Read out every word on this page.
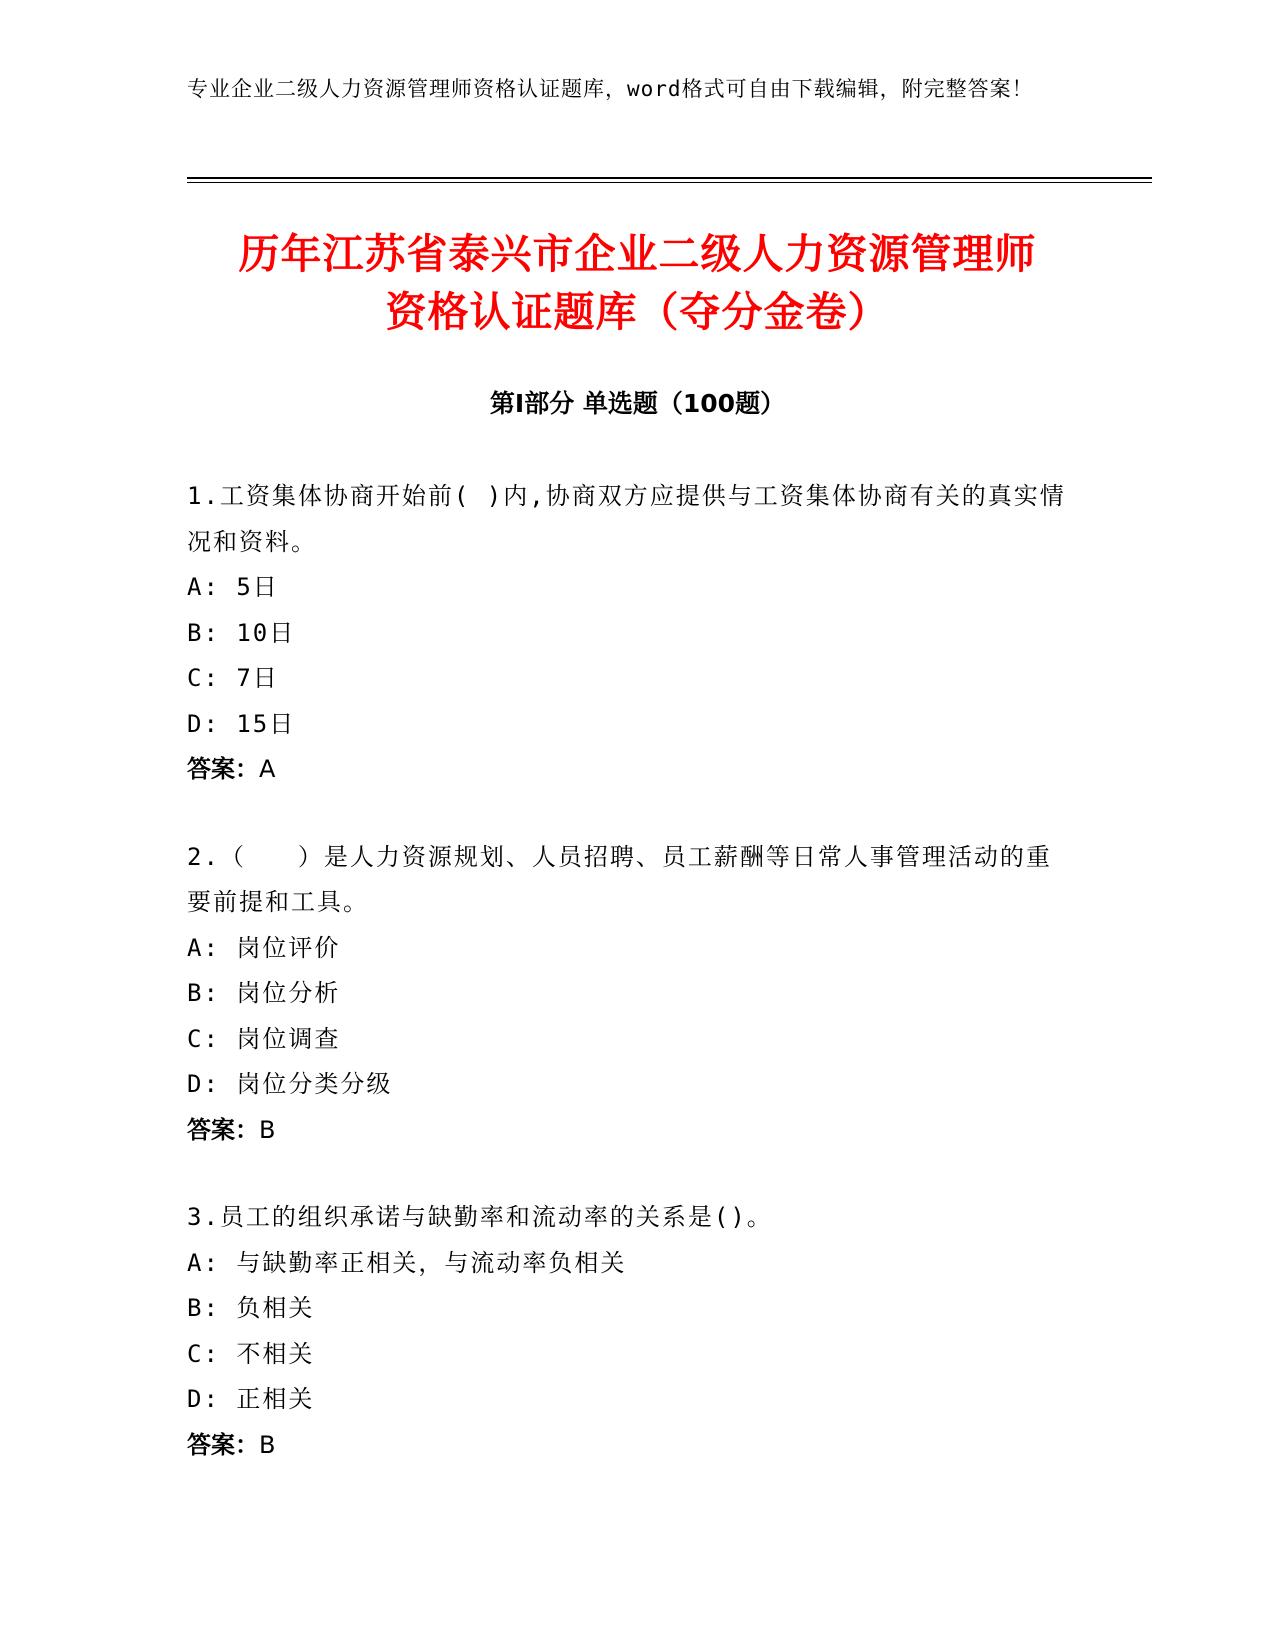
专业企业二级人力资源管理师资格认证题库，word格式可自由下载编辑，附完整答案！
历年江苏省泰兴市企业二级人力资源管理师
资格认证题库（夺分金卷）
第Ⅰ部分 单选题（100题）
1.工资集体协商开始前( )内,协商双方应提供与工资集体协商有关的真实情况和资料。
A: 5日
B: 10日
C: 7日
D: 15日
答案：A
2.（　　）是人力资源规划、人员招聘、员工薪酬等日常人事管理活动的重要前提和工具。
A: 岗位评价
B: 岗位分析
C: 岗位调查
D: 岗位分类分级
答案：B
3.员工的组织承诺与缺勤率和流动率的关系是()。
A: 与缺勤率正相关，与流动率负相关
B: 负相关
C: 不相关
D: 正相关
答案：B
